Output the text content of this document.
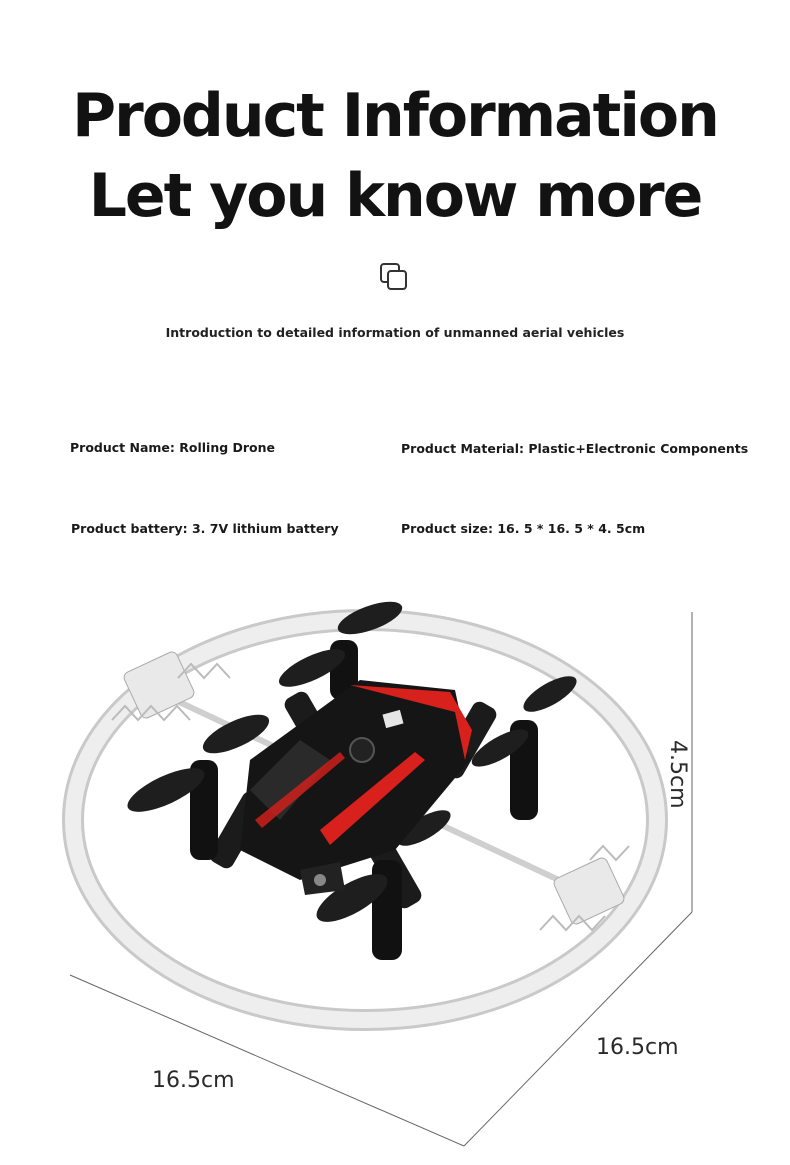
Product Information
Let you know more
Introduction to detailed information of unmanned aerial vehicles
Product Name: Rolling Drone	Product Material: Plastic+Electronic Components
Product battery: 3. 7V lithium battery	Product size: 16. 5 * 16. 5 * 4. 5cm
4.5cm
16.5cm
16.5cm
